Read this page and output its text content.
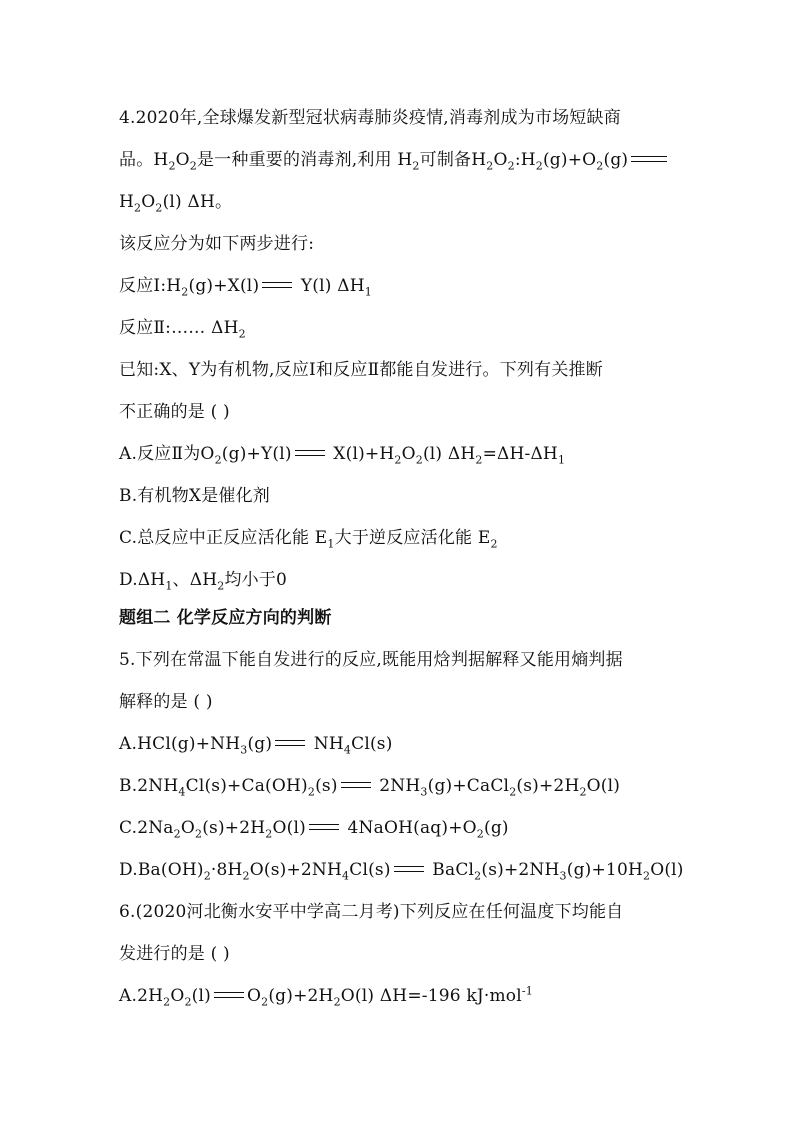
4.2020年,全球爆发新型冠状病毒肺炎疫情,消毒剂成为市场短缺商
品。$H_2O_2$是一种重要的消毒剂,利用 $H_2$可制备$H_2O_2:H_2(g)+O_2(g)$
$H_2O_2(l)$ ΔH。
该反应分为如下两步进行:
反应$Ⅰ:H_2(g)+X(l)$ Y(l) $\Delta H_1$
反应Ⅱ:…… $\Delta H_2$
已知:X、Y为有机物,反应Ⅰ和反应Ⅱ都能自发进行。下列有关推断
不正确的是 ( )
A.反应Ⅱ为$O_2(g)+Y(l)$ $X(l)+H_2O_2(l)$ $\Delta H_2=\Delta H-\Delta H_1$
B.有机物X是催化剂
C.总反应中正反应活化能 $E_1$大于逆反应活化能 $E_2$
$D.\Delta H_1$、$\Delta H_2$均小于0
题组二 化学反应方向的判断
5.下列在常温下能自发进行的反应,既能用焓判据解释又能用熵判据
解释的是 ( )
$A.HCl(g)+NH_3(g)$ $NH_4Cl(s)$
$B.2NH_4Cl(s)+Ca(OH)_2(s)$ $2NH_3(g)+CaCl_2(s)+2H_2O(l)$
$C.2Na_2O_2(s)+2H_2O(l)$ $4NaOH(aq)+O_2(g)$
$D.Ba(OH)_2\cdot 8H_2O(s)+2NH_4Cl(s)$ $BaCl_2(s)+2NH_3(g)+10H_2O(l)$
6.(2020河北衡水安平中学高二月考)下列反应在任何温度下均能自
发进行的是 ( )
$A.2H_2O_2(l)$ $O_2(g)+2H_2O(l)$ ΔH=-196 kJ·mol$^{-1}$
